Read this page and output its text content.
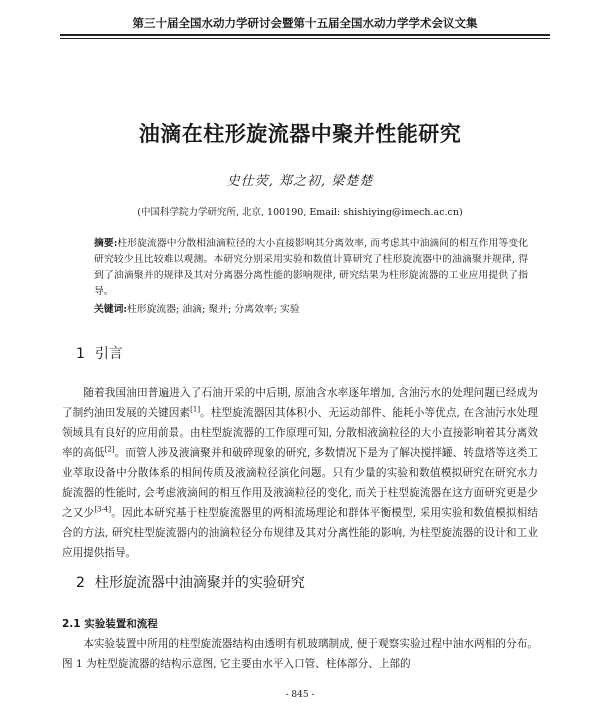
第三十届全国水动力学研讨会暨第十五届全国水动力学学术会议文集
油滴在柱形旋流器中聚并性能研究
史仕荧, 郑之初, 梁楚楚
(中国科学院力学研究所, 北京, 100190, Email: shishiying@imech.ac.cn)
摘要:柱形旋流器中分散相油滴粒径的大小直接影响其分离效率, 而考虑其中油滴间的相互作用等变化研究较少且比较难以观测。本研究分别采用实验和数值计算研究了柱形旋流器中的油滴聚并规律, 得到了油滴聚并的规律及其对分离器分离性能的影响规律, 研究结果为柱形旋流器的工业应用提供了指导。
关键词:柱形旋流器; 油滴; 聚并; 分离效率; 实验
1 引言

随着我国油田普遍进入了石油开采的中后期, 原油含水率逐年增加, 含油污水的处理问题已经成为了制约油田发展的关键因素[1]。柱型旋流器因其体积小、无运动部件、能耗小等优点, 在含油污水处理领域具有良好的应用前景。由柱型旋流器的工作原理可知, 分散相液滴粒径的大小直接影响着其分离效率的高低[2]。而管人涉及液滴聚并和破碎现象的研究, 多数情况下是为了解决搅拌罐、转盘塔等这类工业萃取设备中分散体系的相间传质及液滴粒径演化问题。只有少量的实验和数值模拟研究在研究水力旋流器的性能时, 会考虑液滴间的相互作用及液滴粒径的变化, 而关于柱型旋流器在这方面研究更是少之又少[3-4]。因此本研究基于柱型旋流器里的两相流场理论和群体平衡模型, 采用实验和数值模拟相结合的方法, 研究柱型旋流器内的油滴粒径分布规律及其对分离性能的影响, 为柱型旋流器的设计和工业应用提供指导。

2 柱形旋流器中油滴聚并的实验研究
2.1 实验装置和流程

本实验装置中所用的柱型旋流器结构由透明有机玻璃制成, 便于观察实验过程中油水两相的分布。图 1 为柱型旋流器的结构示意图, 它主要由水平入口管、柱体部分、上部的

- 845 -
